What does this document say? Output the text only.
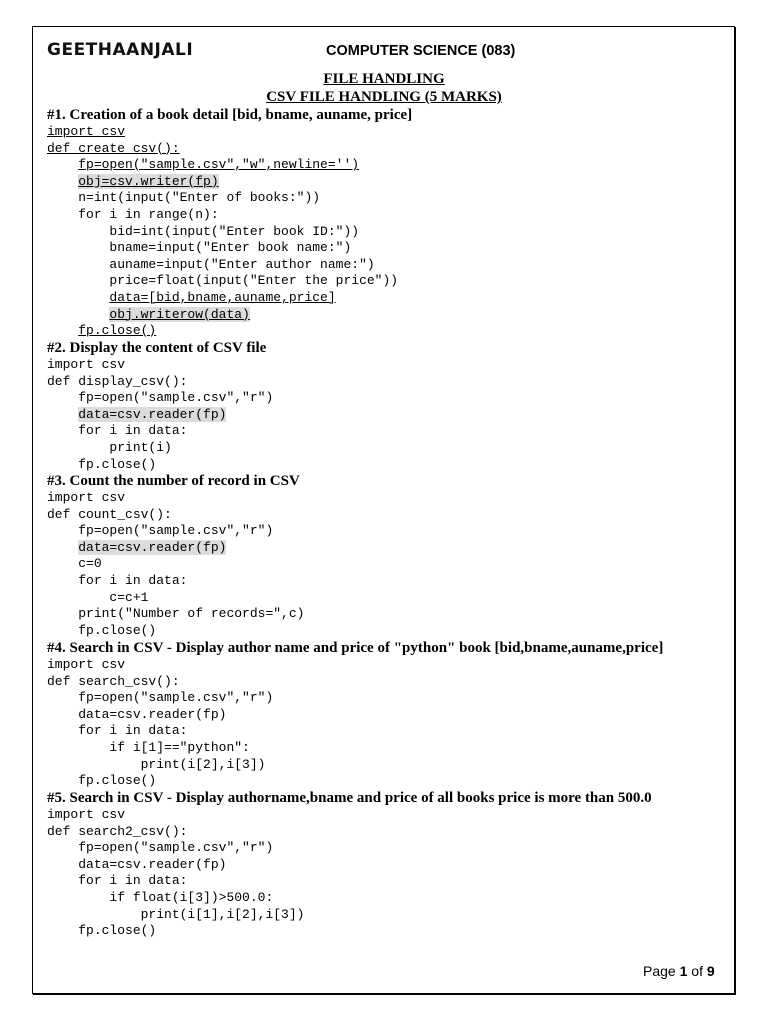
GEETHAANJALI	COMPUTER SCIENCE (083)
FILE HANDLING
CSV FILE HANDLING (5 MARKS)
#1. Creation of a book detail [bid, bname, auname, price]
import csv
def create_csv():
fp=open("sample.csv","w",newline='')
obj=csv.writer(fp)
n=int(input("Enter of books:"))
for i in range(n):
bid=int(input("Enter book ID:"))
bname=input("Enter book name:")
auname=input("Enter author name:")
price=float(input("Enter the price"))
data=[bid,bname,auname,price]
obj.writerow(data)
fp.close()
#2. Display the content of CSV file
import csv
def display_csv():
fp=open("sample.csv","r")
data=csv.reader(fp)
for i in data:
print(i)
fp.close()
#3. Count the number of record in CSV
import csv
def count_csv():
fp=open("sample.csv","r")
data=csv.reader(fp)
c=0
for i in data:
c=c+1
print("Number of records=",c)
fp.close()
#4. Search in CSV - Display author name and price of "python" book [bid,bname,auname,price]
import csv
def search_csv():
fp=open("sample.csv","r")
data=csv.reader(fp)
for i in data:
if i[1]=="python":
print(i[2],i[3])
fp.close()
#5. Search in CSV - Display authorname,bname and price of all books price is more than 500.0
import csv
def search2_csv():
fp=open("sample.csv","r")
data=csv.reader(fp)
for i in data:
if float(i[3])>500.0:
print(i[1],i[2],i[3])
fp.close()
Page 1 of 9
